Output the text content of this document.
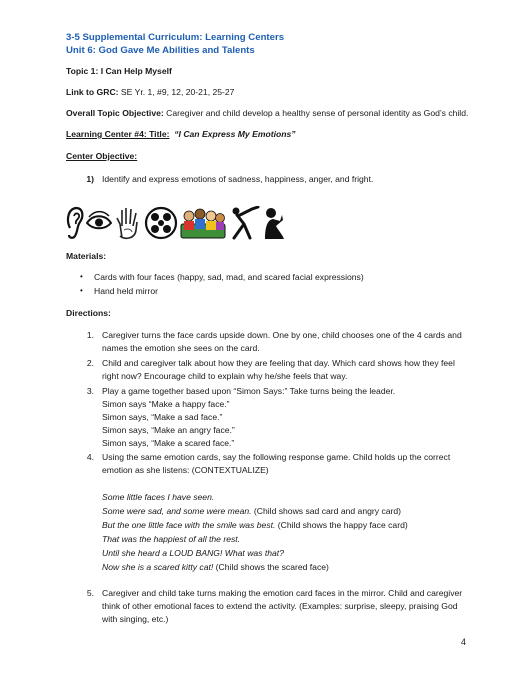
3-5 Supplemental Curriculum: Learning Centers
Unit 6: God Gave Me Abilities and Talents
Topic 1: I Can Help Myself
Link to GRC: SE Yr. 1, #9, 12, 20-21, 25-27
Overall Topic Objective: Caregiver and child develop a healthy sense of personal identity as God’s child.
Learning Center #4: Title: “I Can Express My Emotions”
Center Objective:
1) Identify and express emotions of sadness, happiness, anger, and fright.
Materials:
• Cards with four faces (happy, sad, mad, and scared facial expressions)
• Hand held mirror
Directions:
1. Caregiver turns the face cards upside down. One by one, child chooses one of the 4 cards and
names the emotion she sees on the card.
2. Child and caregiver talk about how they are feeling that day. Which card shows how they feel
right now? Encourage child to explain why he/she feels that way.
3. Play a game together based upon “Simon Says:” Take turns being the leader.
Simon says “Make a happy face.”
Simon says, “Make a sad face.”
Simon says, “Make an angry face.”
Simon says, “Make a scared face.”
4. Using the same emotion cards, say the following response game. Child holds up the correct
emotion as she listens: (CONTEXTUALIZE)
Some little faces I have seen.
Some were sad, and some were mean. (Child shows sad card and angry card)
But the one little face with the smile was best. (Child shows the happy face card)
That was the happiest of all the rest.
Until she heard a LOUD BANG! What was that?
Now she is a scared kitty cat! (Child shows the scared face)
5. Caregiver and child take turns making the emotion card faces in the mirror. Child and caregiver
think of other emotional faces to extend the activity. (Examples: surprise, sleepy, praising God
with singing, etc.)
4
